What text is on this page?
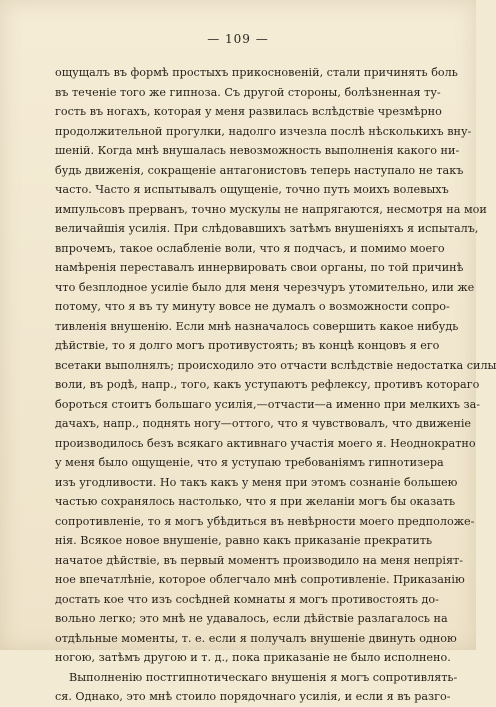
— 109 —
ощущалъ въ формѣ простыхъ прикосновеній, стали причинять боль
въ теченіе того же гипноза. Съ другой стороны, болѣзненная ту-
гость въ ногахъ, которая у меня развилась вслѣдствіе чрезмѣрно
продолжительной прогулки, надолго изчезла послѣ нѣсколькихъ вну-
шеній. Когда мнѣ внушалась невозможность выполненія какого ни-
будь движенія, сокращеніе антагонистовъ теперь наступало не такъ
часто. Часто я испытывалъ ощущеніе, точно путь моихъ волевыхъ
импульсовъ прерванъ, точно мускулы не напрягаются, несмотря на мои
величайшія усилія. При слѣдовавшихъ затѣмъ внушеніяхъ я испыталъ,
впрочемъ, такое ослабленіе воли, что я подчасъ, и помимо моего
намѣренія переставалъ иннервировать свои органы, по той причинѣ
что безплодное усиліе было для меня черезчуръ утомительно, или же
потому, что я въ ту минуту вовсе не думалъ о возможности сопро-
тивленія внушенію. Если мнѣ назначалось совершить какое нибудь
дѣйствіе, то я долго могъ противустоять; въ концѣ концовъ я его
всетаки выполнялъ; происходило это отчасти вслѣдствіе недостатка силы
воли, въ родѣ, напр., того, какъ уступаютъ рефлексу, противъ котораго
бороться стоитъ большаго усилія,—отчасти—а именно при мелкихъ за-
дачахъ, напр., поднять ногу—оттого, что я чувствовалъ, что движеніе
производилось безъ всякаго активнаго участія моего я. Неоднократно
у меня было ощущеніе, что я уступаю требованіямъ гипнотизера
изъ угодливости. Но такъ какъ у меня при этомъ сознаніе большею
частью сохранялось настолько, что я при желаніи могъ бы оказать
сопротивленіе, то я могъ убѣдиться въ невѣрности моего предположе-
нія. Всякое новое внушеніе, равно какъ приказаніе прекратить
начатое дѣйствіе, въ первый моментъ производило на меня непріят-
ное впечатлѣніе, которое облегчало мнѣ сопротивленіе. Приказанію
достать кое что изъ сосѣдней комнаты я могъ противостоять до-
вольно легко; это мнѣ не удавалось, если дѣйствіе разлагалось на
отдѣльные моменты, т. е. если я получалъ внушеніе двинуть одною
ногою, затѣмъ другою и т. д., пока приказаніе не было исполнено.
Выполненію постгипнотическаго внушенія я могъ сопротивлять-
ся. Однако, это мнѣ стоило порядочнаго усилія, и если я въ разго-
